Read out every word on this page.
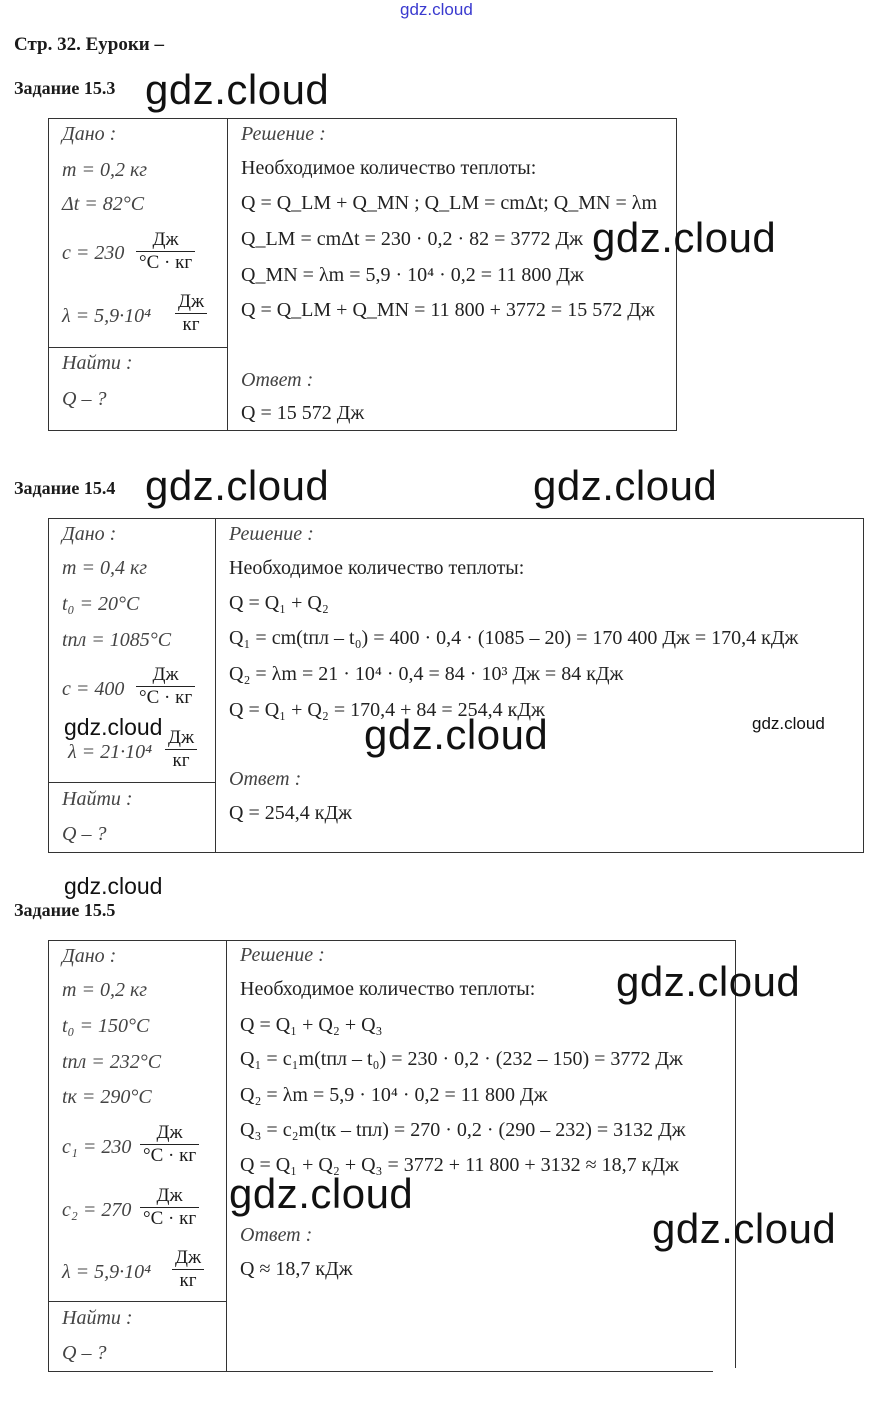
gdz.cloud
Стр. 32. Еуроки –
Задание 15.3 gdz.cloud
Дано :
m = 0,2 кг
Δt = 82°C
c = 230
Дж
°C · кг
λ = 5,9·10⁴
Дж
кг
Найти :
Q – ?
Решение :
Необходимое количество теплоты:
Q = Q_LM + Q_MN ; Q_LM = cmΔt; Q_MN = λm
Q_LM = cmΔt = 230 · 0,2 · 82 = 3772 Дж
Q_MN = λm = 5,9 · 10⁴ · 0,2 = 11 800 Дж
Q = Q_LM + Q_MN = 11 800 + 3772 = 15 572 Дж
Ответ :
Q = 15 572 Дж
gdz.cloud
Задание 15.4 gdz.cloud	gdz.cloud
Дано :
m = 0,4 кг
t₀ = 20°C
tпл = 1085°C
c = 400
Дж
°C · кг
λ = 21·10⁴
Дж
кг
gdz.cloud
Найти :
Q – ?
Решение :
Необходимое количество теплоты:
Q = Q₁ + Q₂
Q₁ = cm(tпл – t₀) = 400 · 0,4 · (1085 – 20) = 170 400 Дж = 170,4 кДж
Q₂ = λm = 21 · 10⁴ · 0,4 = 84 · 10³ Дж = 84 кДж
Q = Q₁ + Q₂ = 170,4 + 84 = 254,4 кДж
Ответ :
Q = 254,4 кДж
gdz.cloud	gdz.cloud
gdz.cloud
Задание 15.5
Дано :
m = 0,2 кг
t₀ = 150°C
tпл = 232°C
tк = 290°C
c₁ = 230
Дж
°C · кг
c₂ = 270
Дж
°C · кг
λ = 5,9·10⁴
Дж
кг
Найти :
Q – ?
Решение :
Необходимое количество теплоты:
Q = Q₁ + Q₂ + Q₃
Q₁ = c₁m(tпл – t₀) = 230 · 0,2 · (232 – 150) = 3772 Дж
Q₂ = λm = 5,9 · 10⁴ · 0,2 = 11 800 Дж
Q₃ = c₂m(tк – tпл) = 270 · 0,2 · (290 – 232) = 3132 Дж
Q = Q₁ + Q₂ + Q₃ = 3772 + 11 800 + 3132 ≈ 18,7 кДж
Ответ :
Q ≈ 18,7 кДж
gdz.cloud
gdz.cloud
gdz.cloud
